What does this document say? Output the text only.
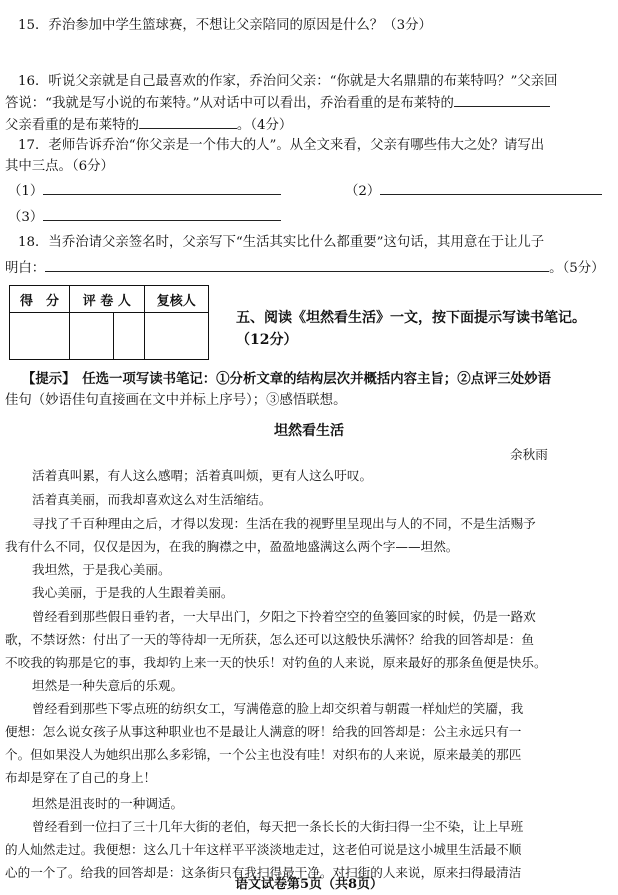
15．乔治参加中学生篮球赛，不想让父亲陪同的原因是什么？（3分）
16．听说父亲就是自己最喜欢的作家，乔治问父亲：“你就是大名鼎鼎的布莱特吗？”父亲回
答说：“我就是写小说的布莱特。”从对话中可以看出，乔治看重的是布莱特的
父亲看重的是布莱特的	。（4分）
17．老师告诉乔治“你父亲是一个伟大的人”。从全文来看，父亲有哪些伟大之处？请写出
其中三点。（6分）
（1）	（2）
（3）
18．当乔治请父亲签名时，父亲写下“生活其实比什么都重要”这句话，其用意在于让儿子
明白：	。（5分）
得　分	评 卷 人		复核人

五、阅读《坦然看生活》一文，按下面提示写读书笔记。
（12分）
【提示】　任选一项写读书笔记：①分析文章的结构层次并概括内容主旨；②点评三处妙语
佳句（妙语佳句直接画在文中并标上序号）；③感悟联想。
坦然看生活
余秋雨
活着真叫累，有人这么感喟；活着真叫烦，更有人这么吁叹。
活着真美丽，而我却喜欢这么对生活缩结。
寻找了千百种理由之后，才得以发现：生活在我的视野里呈现出与人的不同，不是生活赐予
我有什么不同，仅仅是因为，在我的胸襟之中，盈盈地盛满这么两个字——坦然。
我坦然，于是我心美丽。
我心美丽，于是我的人生跟着美丽。
曾经看到那些假日垂钓者，一大早出门，夕阳之下拎着空空的鱼篓回家的时候，仍是一路欢
歌，不禁讶然：付出了一天的等待却一无所获，怎么还可以这般快乐满怀？给我的回答却是：鱼
不咬我的钩那是它的事，我却钓上来一天的快乐！对钓鱼的人来说，原来最好的那条鱼便是快乐。
坦然是一种失意后的乐观。
曾经看到那些下零点班的纺织女工，写满倦意的脸上却交织着与朝霞一样灿烂的笑靥，我
便想：怎么说女孩子从事这种职业也不是最让人满意的呀！给我的回答却是：公主永远只有一
个。但如果没人为她织出那么多彩锦，一个公主也没有哇！对织布的人来说，原来最美的那匹
布却是穿在了自己的身上！
坦然是沮丧时的一种调适。
曾经看到一位扫了三十几年大街的老伯，每天把一条长长的大街扫得一尘不染，让上早班
的人灿然走过。我便想：这么几十年这样平平淡淡地走过，这老伯可说是这小城里生活最不顺
心的一个了。给我的回答却是：这条街只有我扫得最干净。对扫街的人来说，原来扫得最清洁
语文试卷第5页（共8页）
